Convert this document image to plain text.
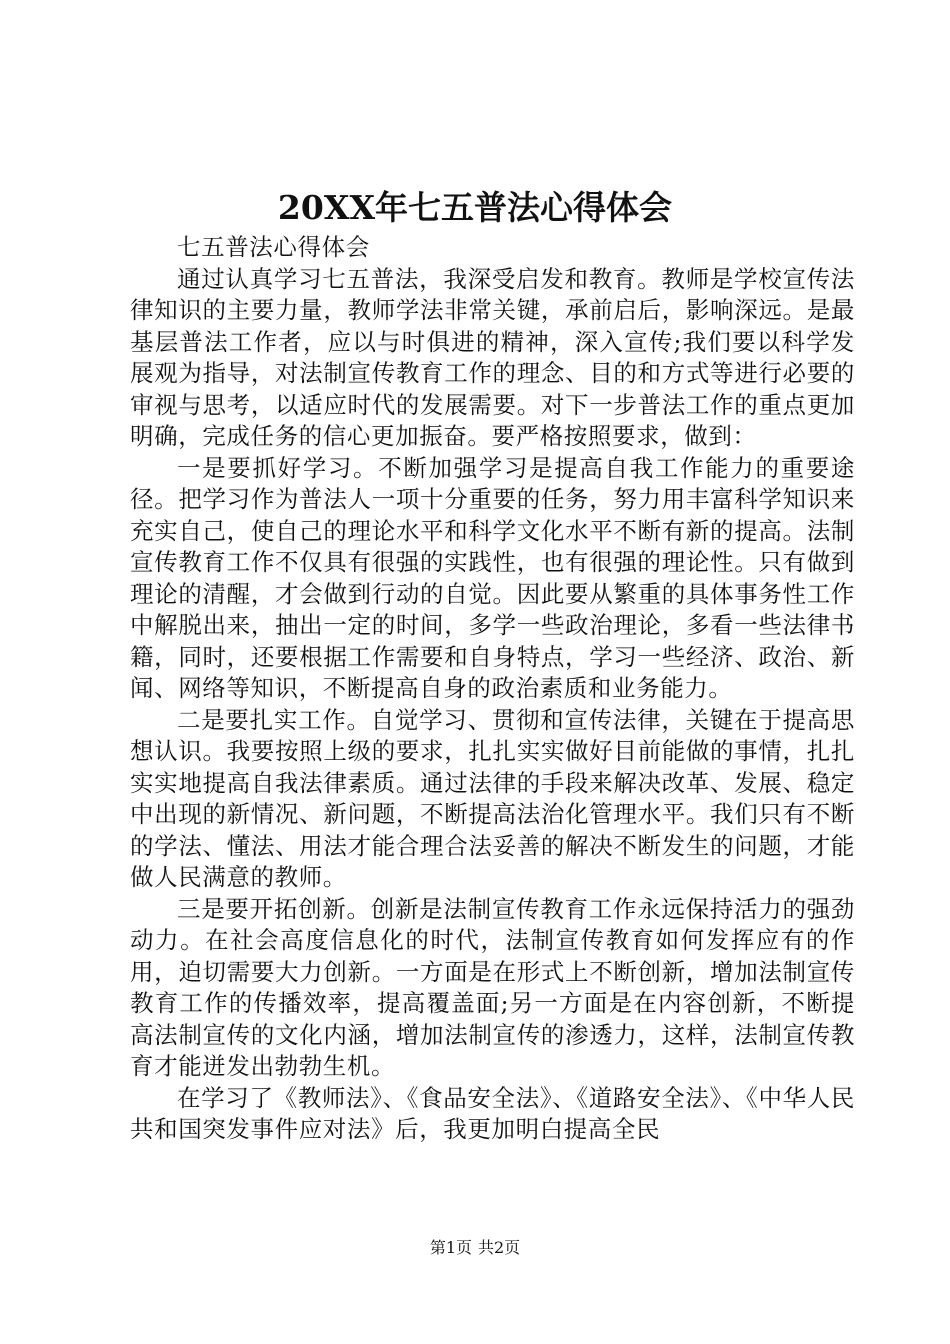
20XX年七五普法心得体会

七五普法心得体会

通过认真学习七五普法，我深受启发和教育。教师是学校宣传法律知识的主要力量，教师学法非常关键，承前启后，影响深远。是最基层普法工作者，应以与时俱进的精神，深入宣传;我们要以科学发展观为指导，对法制宣传教育工作的理念、目的和方式等进行必要的审视与思考，以适应时代的发展需要。对下一步普法工作的重点更加明确，完成任务的信心更加振奋。要严格按照要求，做到：

一是要抓好学习。不断加强学习是提高自我工作能力的重要途径。把学习作为普法人一项十分重要的任务，努力用丰富科学知识来充实自己，使自己的理论水平和科学文化水平不断有新的提高。法制宣传教育工作不仅具有很强的实践性，也有很强的理论性。只有做到理论的清醒，才会做到行动的自觉。因此要从繁重的具体事务性工作中解脱出来，抽出一定的时间，多学一些政治理论，多看一些法律书籍，同时，还要根据工作需要和自身特点，学习一些经济、政治、新闻、网络等知识，不断提高自身的政治素质和业务能力。

二是要扎实工作。自觉学习、贯彻和宣传法律，关键在于提高思想认识。我要按照上级的要求，扎扎实实做好目前能做的事情，扎扎实实地提高自我法律素质。通过法律的手段来解决改革、发展、稳定中出现的新情况、新问题，不断提高法治化管理水平。我们只有不断的学法、懂法、用法才能合理合法妥善的解决不断发生的问题，才能做人民满意的教师。

三是要开拓创新。创新是法制宣传教育工作永远保持活力的强劲动力。在社会高度信息化的时代，法制宣传教育如何发挥应有的作用，迫切需要大力创新。一方面是在形式上不断创新，增加法制宣传教育工作的传播效率，提高覆盖面;另一方面是在内容创新，不断提高法制宣传的文化内涵，增加法制宣传的渗透力，这样，法制宣传教育才能迸发出勃勃生机。

在学习了《教师法》、《食品安全法》、《道路安全法》、《中华人民共和国突发事件应对法》后，我更加明白提高全民

第1页 共2页
